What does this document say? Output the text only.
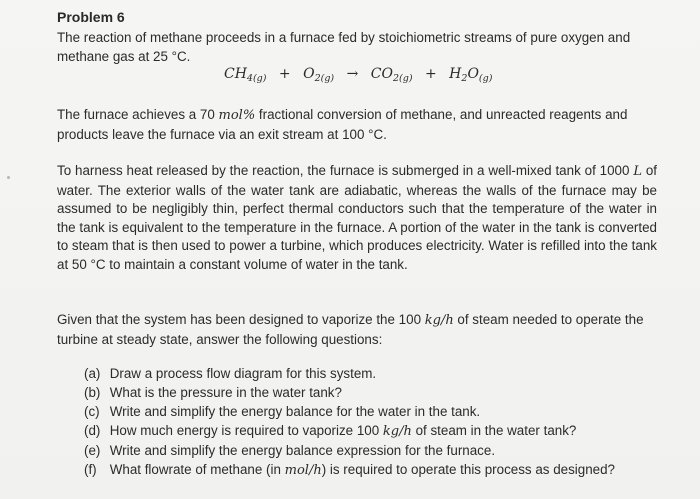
Problem 6
The reaction of methane proceeds in a furnace fed by stoichiometric streams of pure oxygen and methane gas at 25 °C.
$CH_{4(g)} + O_{2(g)} \to CO_{2(g)} + H_2O_{(g)}$
The furnace achieves a 70 mol% fractional conversion of methane, and unreacted reagents and products leave the furnace via an exit stream at 100 °C.
To harness heat released by the reaction, the furnace is submerged in a well-mixed tank of 1000 L of water. The exterior walls of the water tank are adiabatic, whereas the walls of the furnace may be assumed to be negligibly thin, perfect thermal conductors such that the temperature of the water in the tank is equivalent to the temperature in the furnace. A portion of the water in the tank is converted to steam that is then used to power a turbine, which produces electricity. Water is refilled into the tank at 50 °C to maintain a constant volume of water in the tank.
Given that the system has been designed to vaporize the 100 kg/h of steam needed to operate the turbine at steady state, answer the following questions:
(a) Draw a process flow diagram for this system.
(b) What is the pressure in the water tank?
(c) Write and simplify the energy balance for the water in the tank.
(d) How much energy is required to vaporize 100 kg/h of steam in the water tank?
(e) Write and simplify the energy balance expression for the furnace.
(f) What flowrate of methane (in mol/h) is required to operate this process as designed?
